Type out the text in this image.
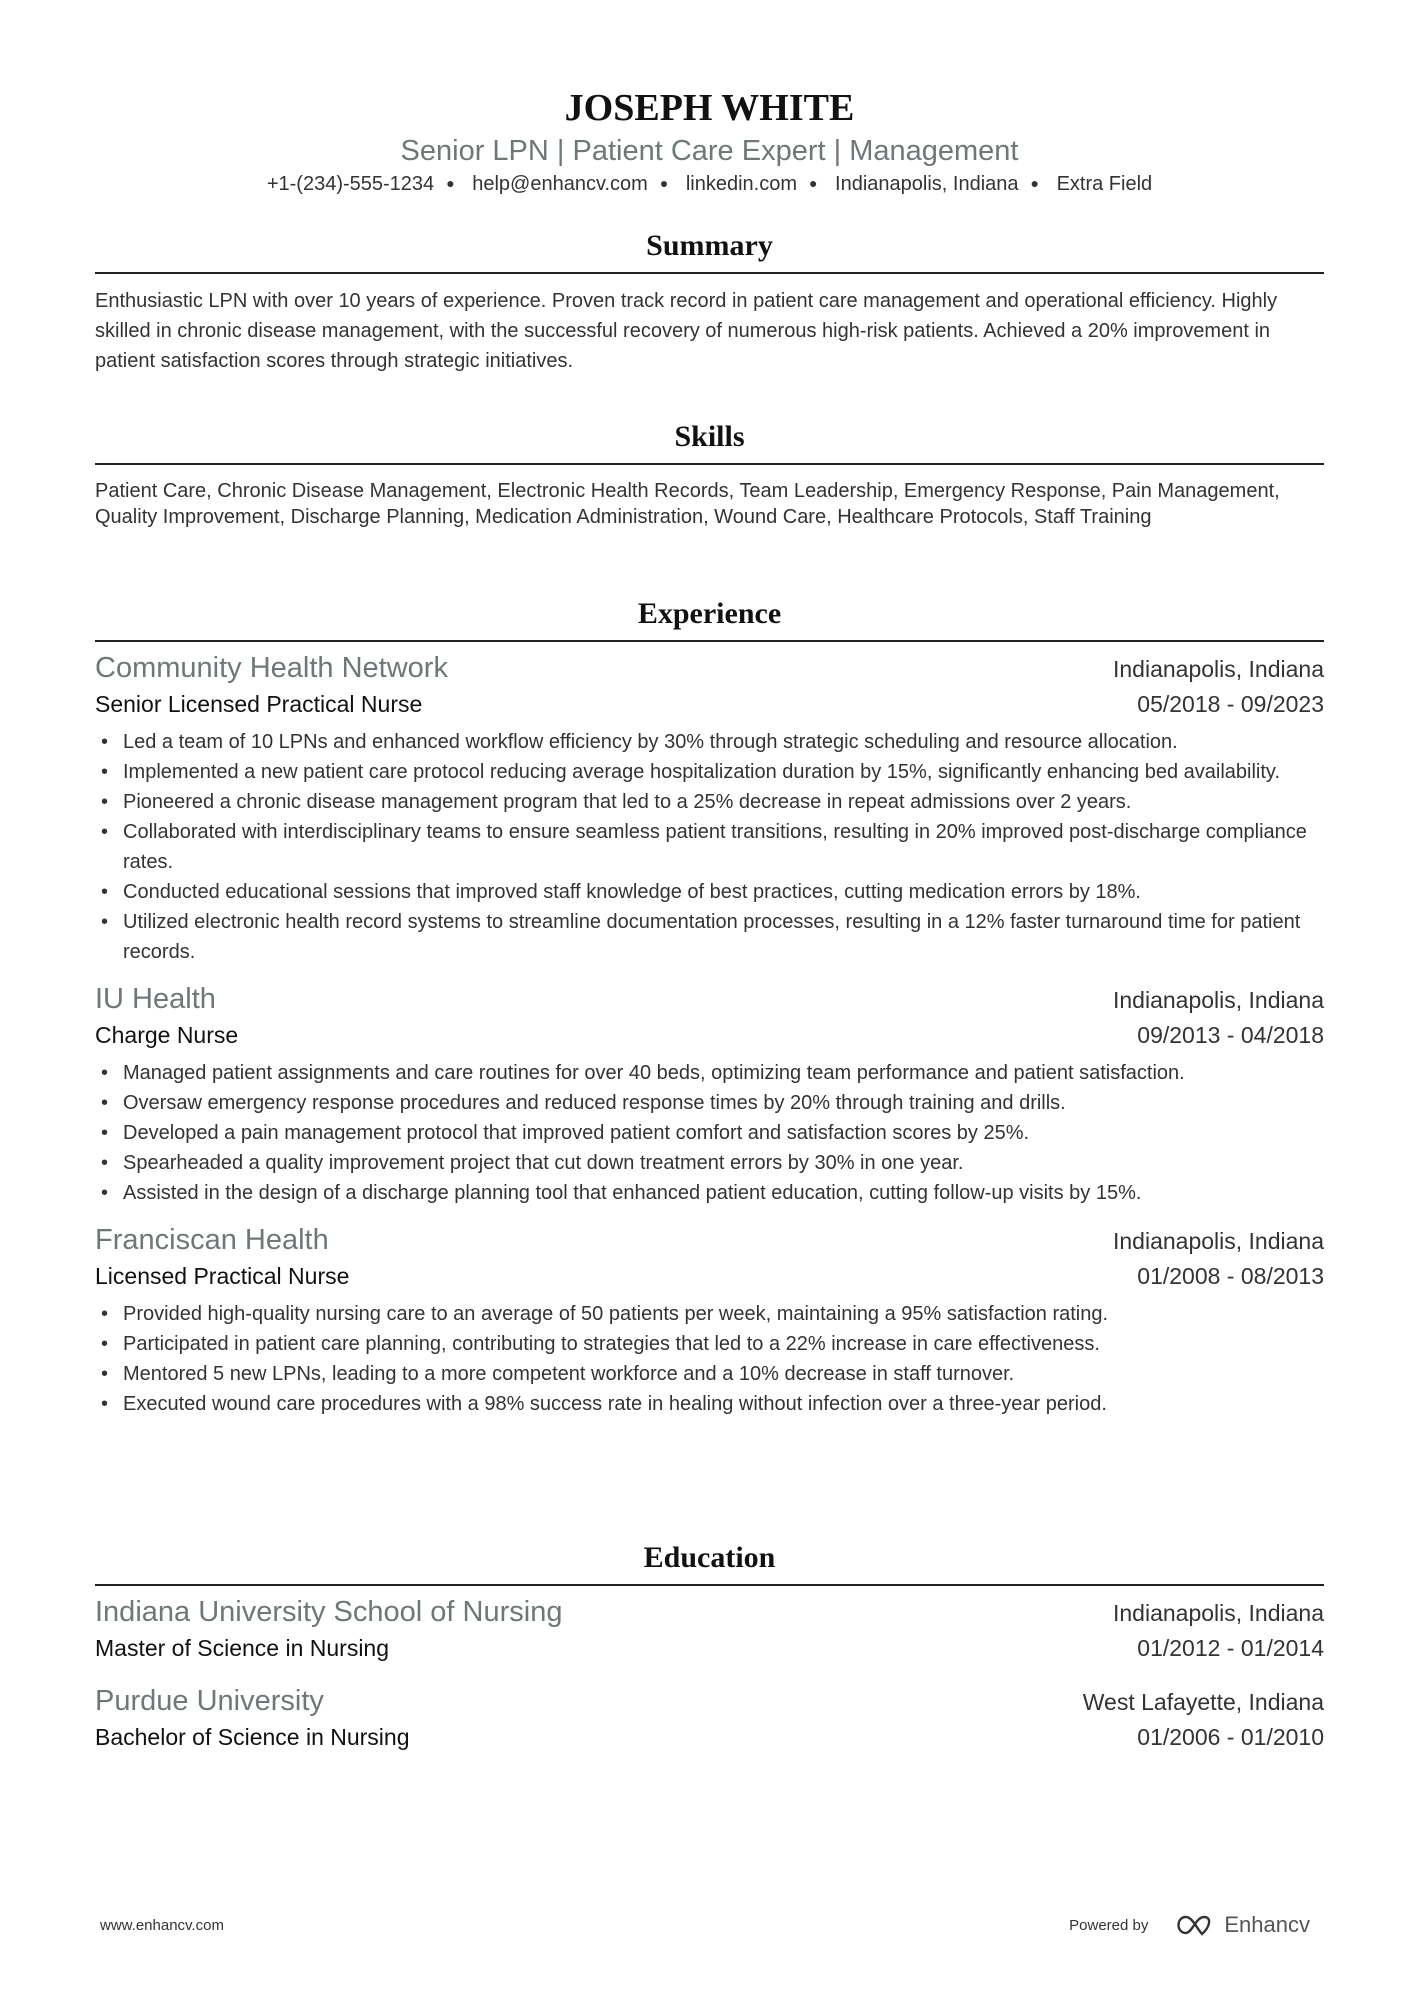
JOSEPH WHITE
Senior LPN | Patient Care Expert | Management
+1-(234)-555-1234 ● help@enhancv.com ● linkedin.com ● Indianapolis, Indiana ● Extra Field
Summary
Enthusiastic LPN with over 10 years of experience. Proven track record in patient care management and operational efficiency. Highly skilled in chronic disease management, with the successful recovery of numerous high-risk patients. Achieved a 20% improvement in patient satisfaction scores through strategic initiatives.
Skills
Patient Care, Chronic Disease Management, Electronic Health Records, Team Leadership, Emergency Response, Pain Management, Quality Improvement, Discharge Planning, Medication Administration, Wound Care, Healthcare Protocols, Staff Training
Experience
Community Health Network	Indianapolis, Indiana
Senior Licensed Practical Nurse	05/2018 - 09/2023
• Led a team of 10 LPNs and enhanced workflow efficiency by 30% through strategic scheduling and resource allocation.
• Implemented a new patient care protocol reducing average hospitalization duration by 15%, significantly enhancing bed availability.
• Pioneered a chronic disease management program that led to a 25% decrease in repeat admissions over 2 years.
• Collaborated with interdisciplinary teams to ensure seamless patient transitions, resulting in 20% improved post-discharge compliance rates.
• Conducted educational sessions that improved staff knowledge of best practices, cutting medication errors by 18%.
• Utilized electronic health record systems to streamline documentation processes, resulting in a 12% faster turnaround time for patient records.
IU Health	Indianapolis, Indiana
Charge Nurse	09/2013 - 04/2018
• Managed patient assignments and care routines for over 40 beds, optimizing team performance and patient satisfaction.
• Oversaw emergency response procedures and reduced response times by 20% through training and drills.
• Developed a pain management protocol that improved patient comfort and satisfaction scores by 25%.
• Spearheaded a quality improvement project that cut down treatment errors by 30% in one year.
• Assisted in the design of a discharge planning tool that enhanced patient education, cutting follow-up visits by 15%.
Franciscan Health	Indianapolis, Indiana
Licensed Practical Nurse	01/2008 - 08/2013
• Provided high-quality nursing care to an average of 50 patients per week, maintaining a 95% satisfaction rating.
• Participated in patient care planning, contributing to strategies that led to a 22% increase in care effectiveness.
• Mentored 5 new LPNs, leading to a more competent workforce and a 10% decrease in staff turnover.
• Executed wound care procedures with a 98% success rate in healing without infection over a three-year period.
Education
Indiana University School of Nursing	Indianapolis, Indiana
Master of Science in Nursing	01/2012 - 01/2014
Purdue University	West Lafayette, Indiana
Bachelor of Science in Nursing	01/2006 - 01/2010
www.enhancv.com	Powered by	Enhancv
